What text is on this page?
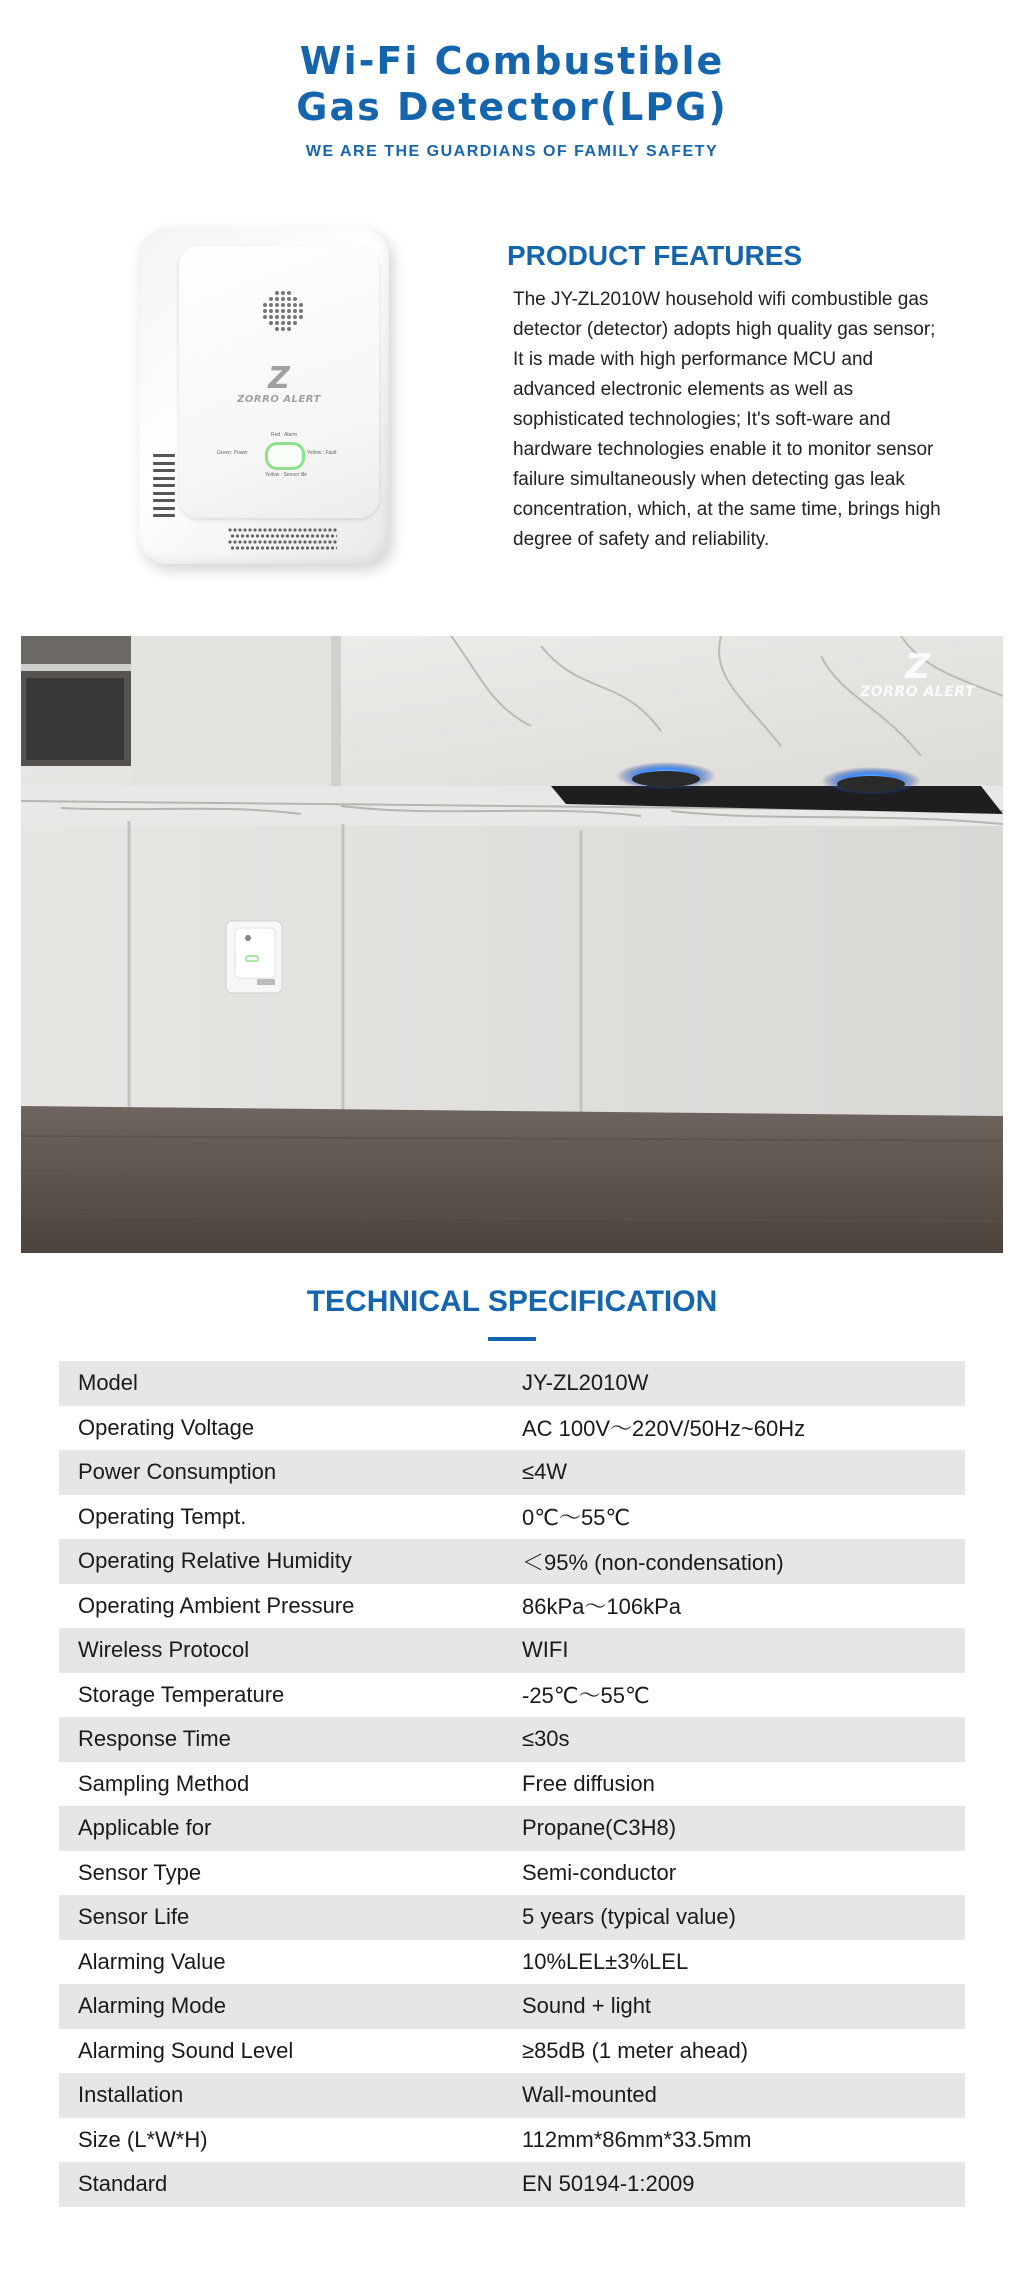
Wi-Fi Combustible
Gas Detector(LPG)
WE ARE THE GUARDIANS OF FAMILY SAFETY
Z
ZORRO ALERT
Red : Alarm
Green: Power	Yellow : Fault
Yellow : Sensor life
PRODUCT FEATURES
The JY-ZL2010W household wifi combustible gas detector (detector) adopts high quality gas sensor; It is made with high performance MCU and advanced electronic elements as well as sophisticated technologies; It's soft-ware and hardware technologies enable it to monitor sensor failure simultaneously when detecting gas leak concentration, which, at the same time, brings high degree of safety and reliability.
Z
ZORRO ALERT
TECHNICAL SPECIFICATION
Model	JY-ZL2010W
Operating Voltage	AC 100V～220V/50Hz~60Hz
Power Consumption	≤4W
Operating Tempt.	0℃～55℃
Operating Relative Humidity	＜95% (non-condensation)
Operating Ambient Pressure	86kPa～106kPa
Wireless Protocol	WIFI
Storage Temperature	-25℃～55℃
Response Time	≤30s
Sampling Method	Free diffusion
Applicable for	Propane(C3H8)
Sensor Type	Semi-conductor
Sensor Life	5 years (typical value)
Alarming Value	10%LEL±3%LEL
Alarming Mode	Sound + light
Alarming Sound Level	≥85dB (1 meter ahead)
Installation	Wall-mounted
Size (L*W*H)	112mm*86mm*33.5mm
Standard	EN 50194-1:2009
